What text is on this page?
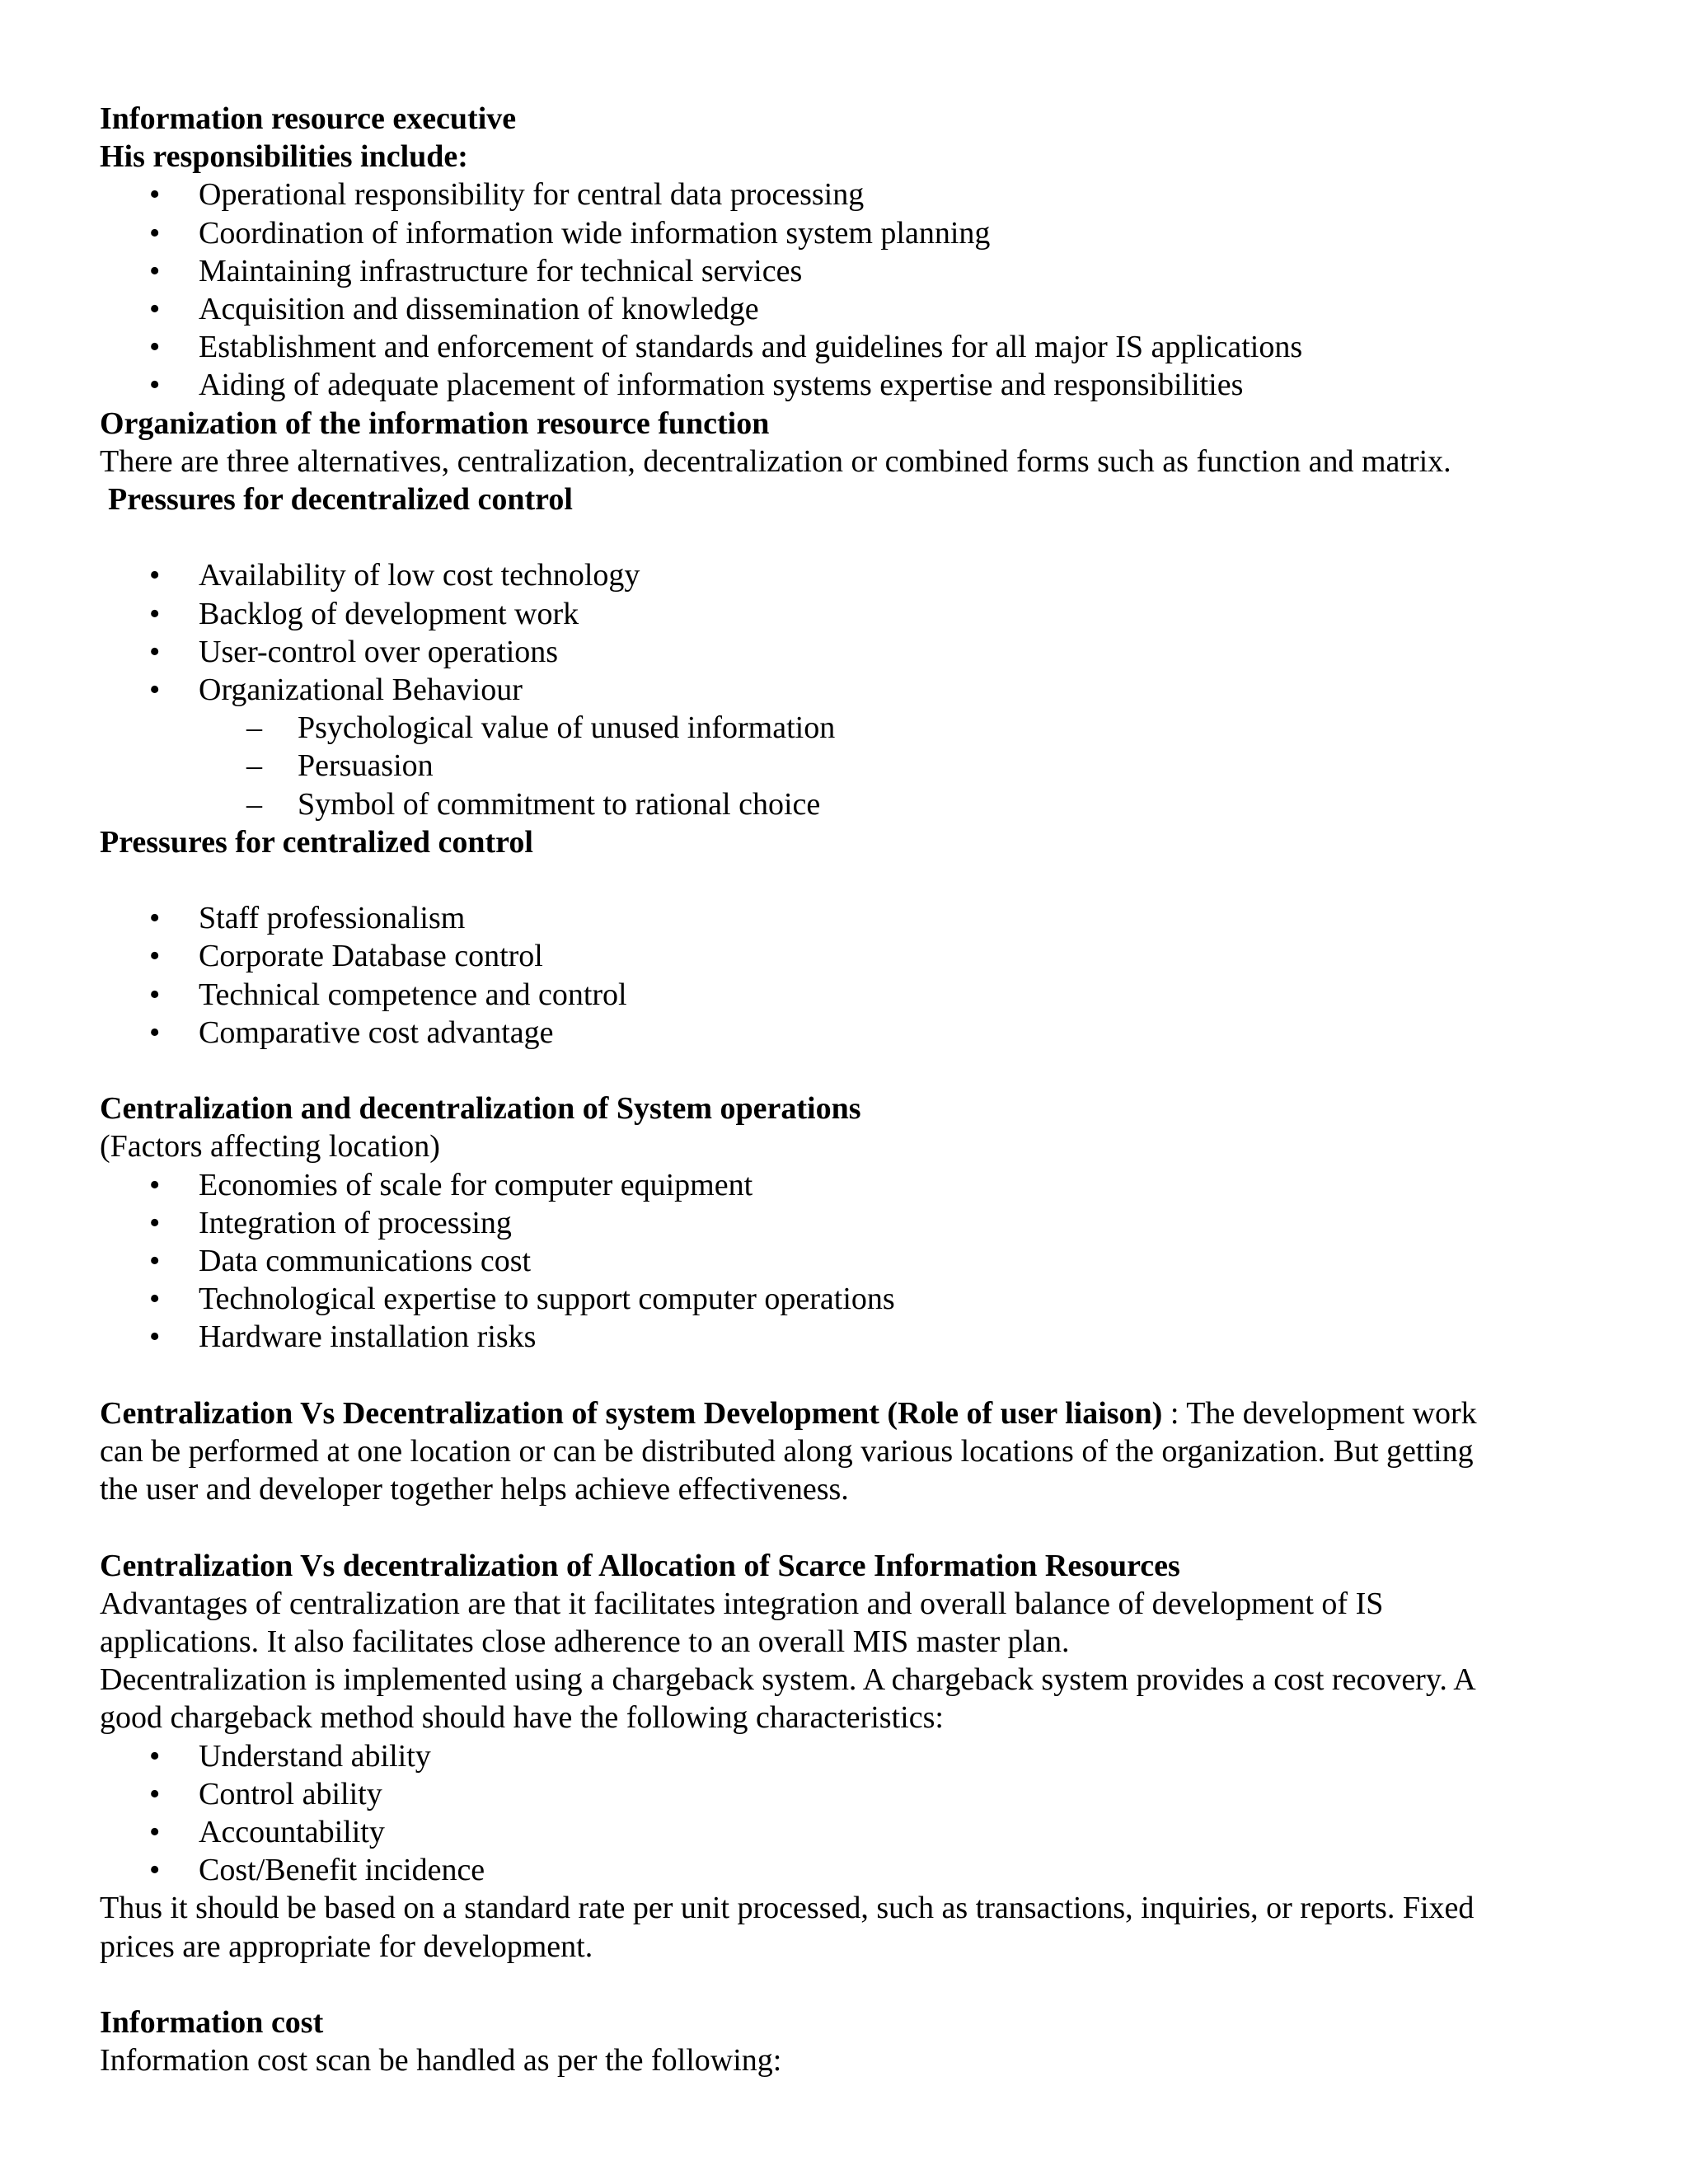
Information resource executive

His responsibilities include:

•	Operational responsibility for central data processing
•	Coordination of information wide information system planning
•	Maintaining infrastructure for technical services
•	Acquisition and dissemination of knowledge
•	Establishment and enforcement of standards and guidelines for all major IS applications
•	Aiding of adequate placement of information systems expertise and responsibilities

Organization of the information resource function

There are three alternatives, centralization, decentralization or combined forms such as function and matrix.

Pressures for decentralized control

•	Availability of low cost technology
•	Backlog of development work
•	User-control over operations
•	Organizational Behaviour
– Psychological value of unused information
– Persuasion
– Symbol of commitment to rational choice

Pressures for centralized control

•	Staff professionalism
•	Corporate Database control
•	Technical competence and control
•	Comparative cost advantage

Centralization and decentralization of System operations

(Factors affecting location)

•	Economies of scale for computer equipment
•	Integration of processing
•	Data communications cost
•	Technological expertise to support computer operations
•	Hardware installation risks

Centralization Vs Decentralization of system Development (Role of user liaison) : The development work

can be performed at one location or can be distributed along various locations of the organization. But getting

the user and developer together helps achieve effectiveness.

Centralization Vs decentralization of Allocation of Scarce Information Resources

Advantages of centralization are that it facilitates integration and overall balance of development of IS

applications. It also facilitates close adherence to an overall MIS master plan.

Decentralization is implemented using a chargeback system. A chargeback system provides a cost recovery. A

good chargeback method should have the following characteristics:

•	Understand ability
•	Control ability
•	Accountability
•	Cost/Benefit incidence

Thus it should be based on a standard rate per unit processed, such as transactions, inquiries, or reports. Fixed

prices are appropriate for development.

Information cost

Information cost scan be handled as per the following:
